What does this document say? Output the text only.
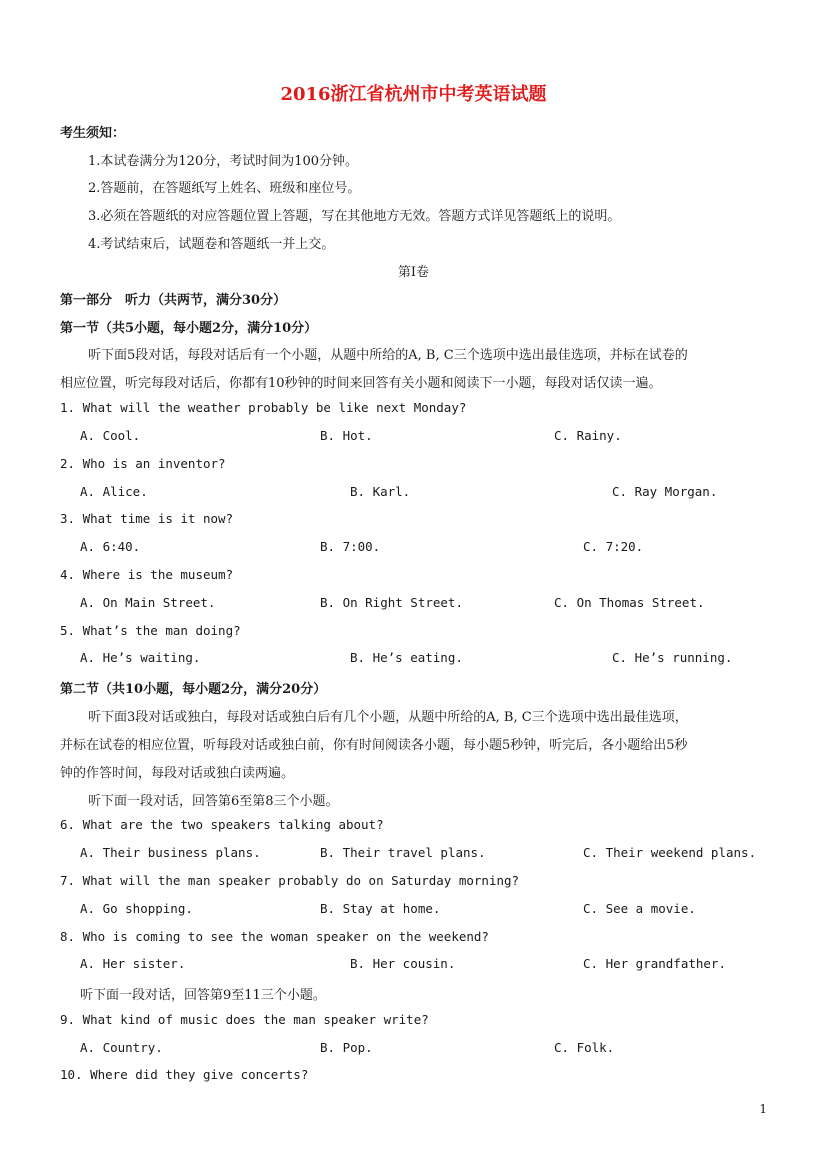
2016浙江省杭州市中考英语试题
考生须知：
1.本试卷满分为120分，考试时间为100分钟。
2.答题前，在答题纸写上姓名、班级和座位号。
3.必须在答题纸的对应答题位置上答题，写在其他地方无效。答题方式详见答题纸上的说明。
4.考试结束后，试题卷和答题纸一并上交。
第Ⅰ卷
第一部分　听力（共两节，满分30分）
第一节（共5小题，每小题2分，满分10分）
听下面5段对话，每段对话后有一个小题，从题中所给的A, B, C三个选项中选出最佳选项，并标在试卷的
相应位置，听完每段对话后，你都有10秒钟的时间来回答有关小题和阅读下一小题，每段对话仅读一遍。
1. What will the weather probably be like next Monday?
A. Cool.	B. Hot.	C. Rainy.
2. Who is an inventor?
A. Alice.	B. Karl.	C. Ray Morgan.
3. What time is it now?
A. 6:40.	B. 7:00.	C. 7:20.
4. Where is the museum?
A. On Main Street.	B. On Right Street.	C. On Thomas Street.
5. What’s the man doing?
A. He’s waiting.	B. He’s eating.	C. He’s running.
第二节（共10小题，每小题2分，满分20分）
听下面3段对话或独白，每段对话或独白后有几个小题，从题中所给的A, B, C三个选项中选出最佳选项，
并标在试卷的相应位置，听每段对话或独白前，你有时间阅读各小题，每小题5秒钟，听完后，各小题给出5秒
钟的作答时间，每段对话或独白读两遍。
听下面一段对话，回答第6至第8三个小题。
6. What are the two speakers talking about?
A. Their business plans.	B. Their travel plans.	C. Their weekend plans.
7. What will the man speaker probably do on Saturday morning?
A. Go shopping.	B. Stay at home.	C. See a movie.
8. Who is coming to see the woman speaker on the weekend?
A. Her sister.	B. Her cousin.	C. Her grandfather.
听下面一段对话，回答第9至11三个小题。
9. What kind of music does the man speaker write?
A. Country.	B. Pop.	C. Folk.
10. Where did they give concerts?
1
